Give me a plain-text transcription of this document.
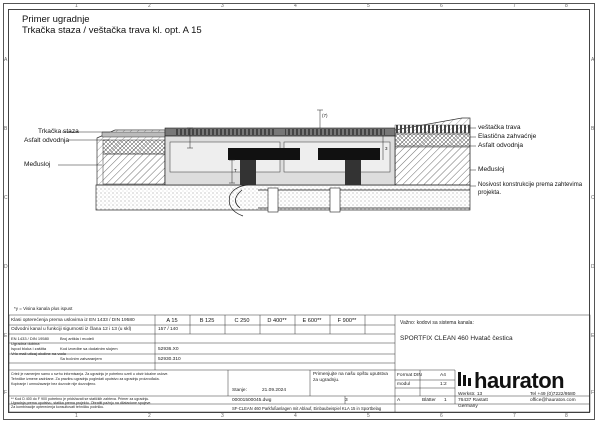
1	2	3	4	5	6	7	8
1	2	3	4	5	6	7	8
A
B
C
D
E
F
A
B
C
D
E
F
Primer ugradnje
Trkačka staza / veštačka trava kl. opt. A 15
Trkačka staza
Asfalt odvodnja
Međusloj
veštačka trava
Elastična zahvaćnje
Asfalt odvodnja
Međusloj
Nosivost konstrukcije prema zahtevima
projekta.
(7)
3
T
*y = Visina kanala plus ispust
Klasi opterećenja prema uslovima iz EN 1433 / DIN 19580	A 15	B 125	C 250	D 400**	E 600**	F 900**
Odvodni kanal u funkciji sigurnosti iz člana 12 i 13 (u skl)	157 / 140
EN 1433 / DIN 19580	Broj artikla i modeli
Ugradna dubina
Ispod bloka i zaštita
Vrlo mali uticaj okoline na vodu
Kod izvedbe sa dodatnim slojem	52936.X0
Sa bočnim zatvaranjem	52930.310
Crtež je namenjen samo u svrhu informisanja. Za ugradnju je potrebno uzeti u obzir lokalne uslove.
Tehničke izmene zadržane. Za pravilnu ugradnju pogledati uputstvo za ugradnju proizvođača.
Kopiranje i umnožavanje bez dozvole nije dozvoljeno.
** Kod D 400 do F 900 potrebno je pridržavati se statičkih zahteva. Primer za ugradnju.
Ugradnja prema uputstvu, statika prema projektu. Obratiti pažnju na dilatacione spojeve.
Za kombinacije opterećenja konsultovati tehničku podršku.
Stanje:	21.09.2024
Primenjujte na našu opštu uputstva za ugradnju.
00001500045.dwg	3
SF-CLEAN 460 Parkfußanlagen mit Ablauf, Einbaubeispiel KLA 15 in Sportbelag
A
Važno: kodovi sa sistema kanala:
SPORTFIX CLEAN 460 Hvatač čestica
Format DIN	A4
modul	1:2
Blätter 1
hauraton
Werkstr. 13
76437 Rastatt
Germany
Tel +49 (0)7222/9580
office@hauraton.com
